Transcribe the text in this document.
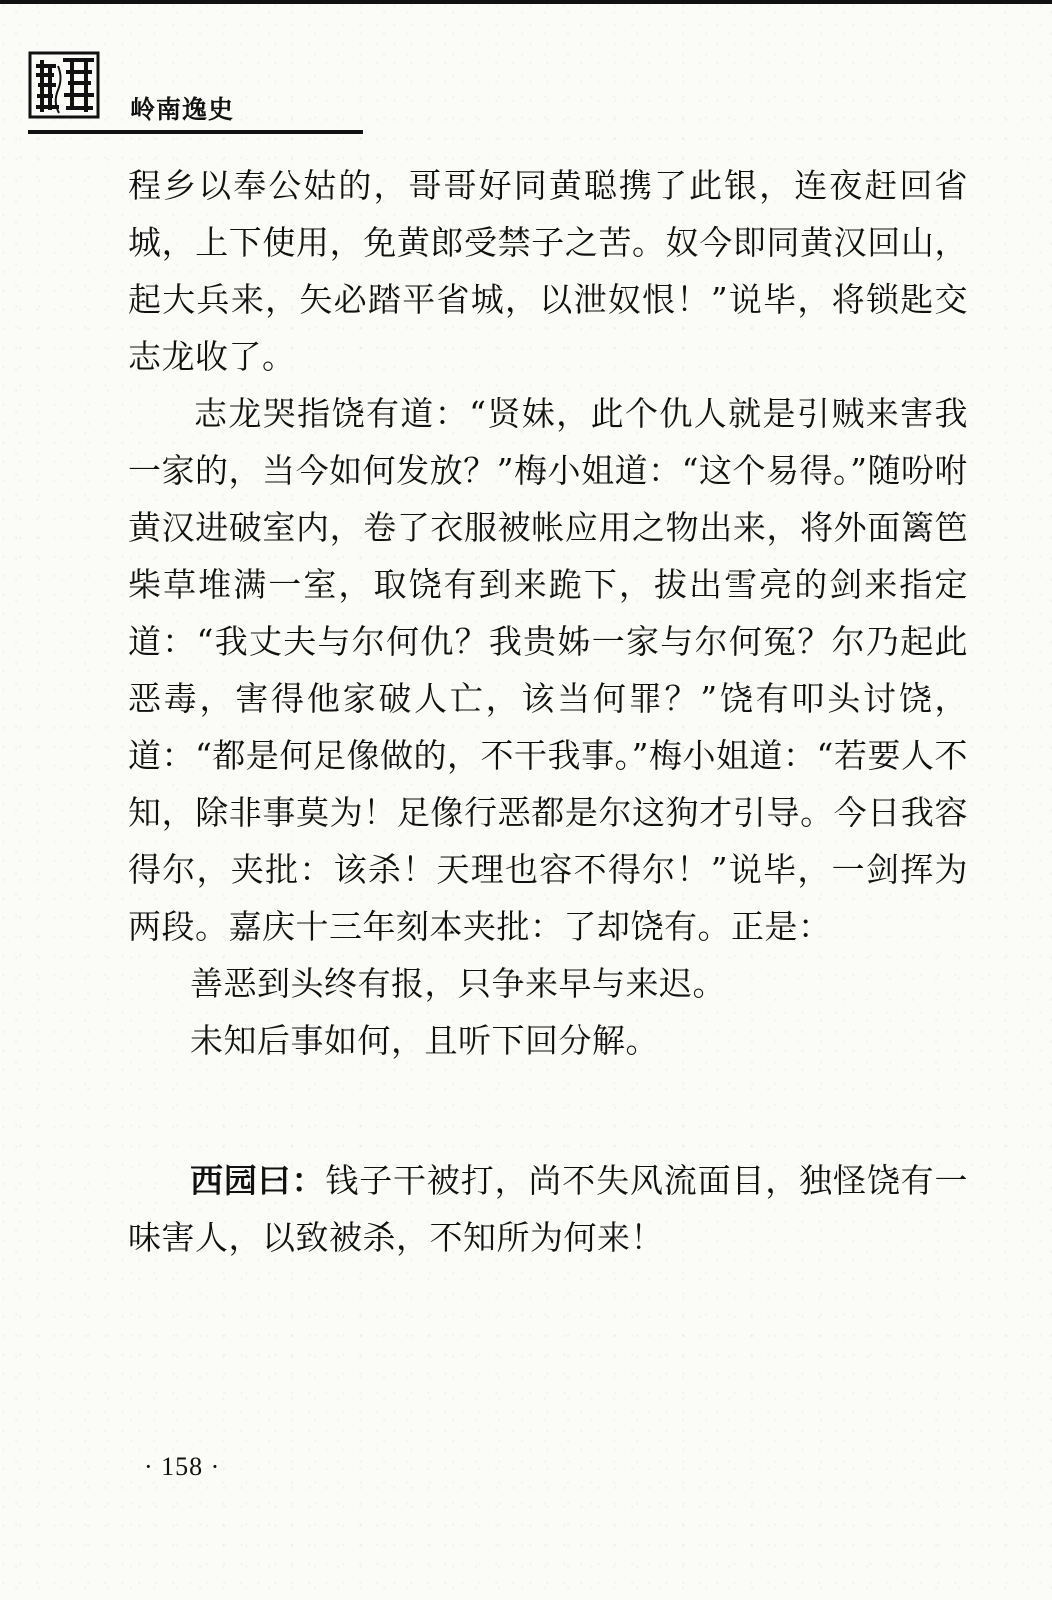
岭南逸史

程乡以奉公姑的，哥哥好同黄聪携了此银，连夜赶回省城，上下使用，免黄郎受禁子之苦。奴今即同黄汉回山，起大兵来，矢必踏平省城，以泄奴恨！”说毕，将锁匙交志龙收了。

志龙哭指饶有道：“贤妹，此个仇人就是引贼来害我一家的，当今如何发放？”梅小姐道：“这个易得。”随吩咐黄汉进破室内，卷了衣服被帐应用之物出来，将外面篱笆柴草堆满一室，取饶有到来跪下，拔出雪亮的剑来指定道：“我丈夫与尔何仇？我贵姊一家与尔何冤？尔乃起此恶毒，害得他家破人亡，该当何罪？”饶有叩头讨饶，道：“都是何足像做的，不干我事。”梅小姐道：“若要人不知，除非事莫为！足像行恶都是尔这狗才引导。今日我容得尔，夹批：该杀！天理也容不得尔！”说毕，一剑挥为两段。嘉庆十三年刻本夹批：了却饶有。正是：

善恶到头终有报，只争来早与来迟。

未知后事如何，且听下回分解。

西园曰：钱子干被打，尚不失风流面目，独怪饶有一味害人，以致被杀，不知所为何来！

· 158 ·
